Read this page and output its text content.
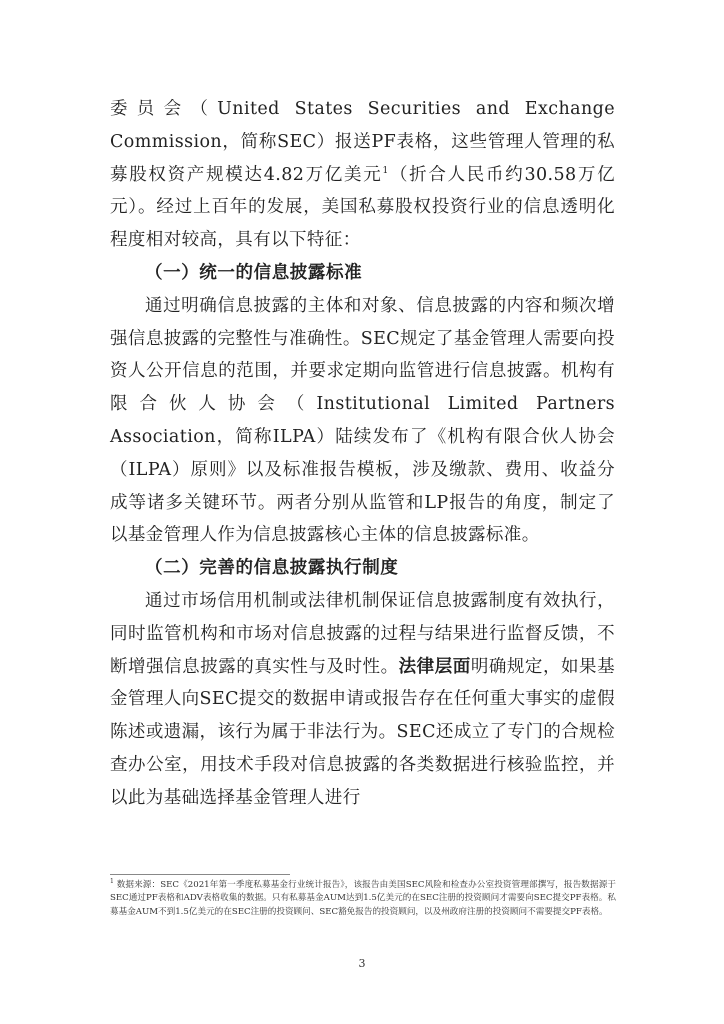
委员会（United States Securities and Exchange Commission，简称SEC）报送PF表格，这些管理人管理的私募股权资产规模达4.82万亿美元$^1$（折合人民币约30.58万亿元）。经过上百年的发展，美国私募股权投资行业的信息透明化程度相对较高，具有以下特征：

（一）统一的信息披露标准

通过明确信息披露的主体和对象、信息披露的内容和频次增强信息披露的完整性与准确性。SEC规定了基金管理人需要向投资人公开信息的范围，并要求定期向监管进行信息披露。机构有限合伙人协会（Institutional Limited Partners Association，简称ILPA）陆续发布了《机构有限合伙人协会（ILPA）原则》以及标准报告模板，涉及缴款、费用、收益分成等诸多关键环节。两者分别从监管和LP报告的角度，制定了以基金管理人作为信息披露核心主体的信息披露标准。

（二）完善的信息披露执行制度

通过市场信用机制或法律机制保证信息披露制度有效执行，同时监管机构和市场对信息披露的过程与结果进行监督反馈，不断增强信息披露的真实性与及时性。法律层面明确规定，如果基金管理人向SEC提交的数据申请或报告存在任何重大事实的虚假陈述或遗漏，该行为属于非法行为。SEC还成立了专门的合规检查办公室，用技术手段对信息披露的各类数据进行核验监控，并以此为基础选择基金管理人进行

$^1$ 数据来源：SEC《2021年第一季度私募基金行业统计报告》，该报告由美国SEC风险和检查办公室投资管理部撰写，报告数据源于SEC通过PF表格和ADV表格收集的数据。只有私募基金AUM达到1.5亿美元的在SEC注册的投资顾问才需要向SEC提交PF表格。私募基金AUM不到1.5亿美元的在SEC注册的投资顾问、SEC豁免报告的投资顾问，以及州政府注册的投资顾问不需要提交PF表格。
3
